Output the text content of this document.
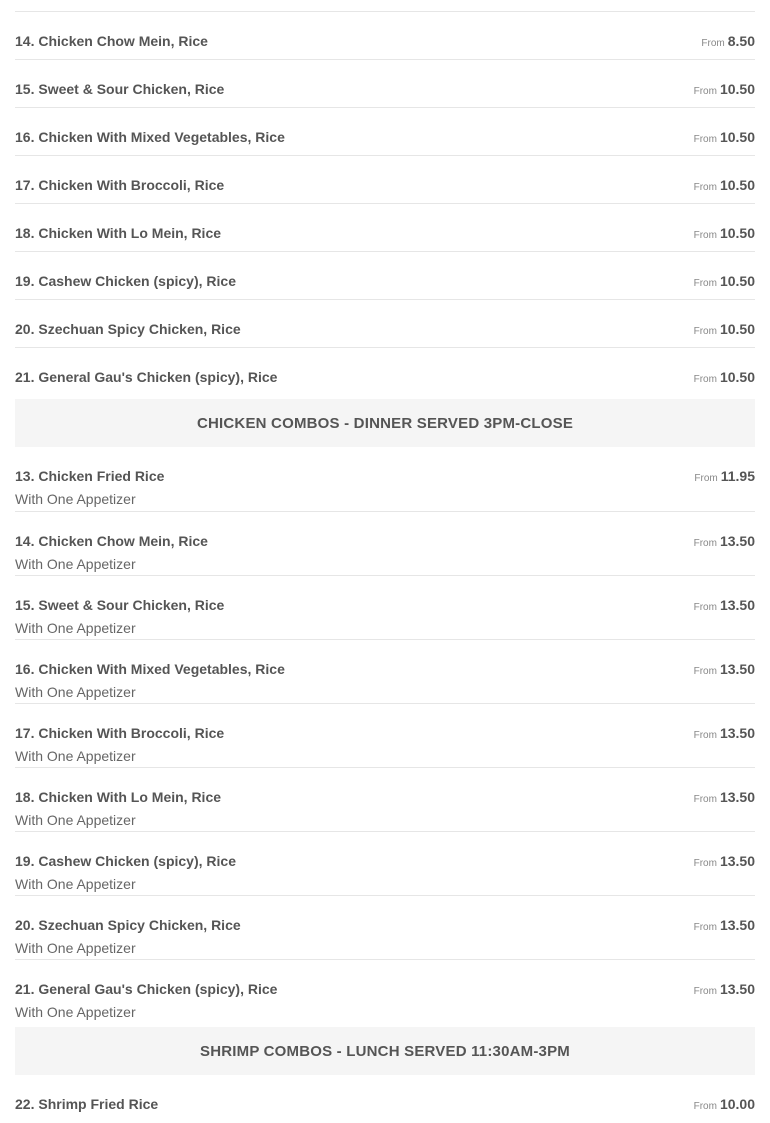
14. Chicken Chow Mein, Rice	From 8.50
15. Sweet & Sour Chicken, Rice	From 10.50
16. Chicken With Mixed Vegetables, Rice	From 10.50
17. Chicken With Broccoli, Rice	From 10.50
18. Chicken With Lo Mein, Rice	From 10.50
19. Cashew Chicken (spicy), Rice	From 10.50
20. Szechuan Spicy Chicken, Rice	From 10.50
21. General Gau's Chicken (spicy), Rice	From 10.50
CHICKEN COMBOS - DINNER SERVED 3PM-CLOSE
13. Chicken Fried Rice
With One Appetizer
From 11.95
14. Chicken Chow Mein, Rice
With One Appetizer
From 13.50
15. Sweet & Sour Chicken, Rice
With One Appetizer
From 13.50
16. Chicken With Mixed Vegetables, Rice
With One Appetizer
From 13.50
17. Chicken With Broccoli, Rice
With One Appetizer
From 13.50
18. Chicken With Lo Mein, Rice
With One Appetizer
From 13.50
19. Cashew Chicken (spicy), Rice
With One Appetizer
From 13.50
20. Szechuan Spicy Chicken, Rice
With One Appetizer
From 13.50
21. General Gau's Chicken (spicy), Rice
With One Appetizer
From 13.50
SHRIMP COMBOS - LUNCH SERVED 11:30AM-3PM
22. Shrimp Fried Rice	From 10.00
